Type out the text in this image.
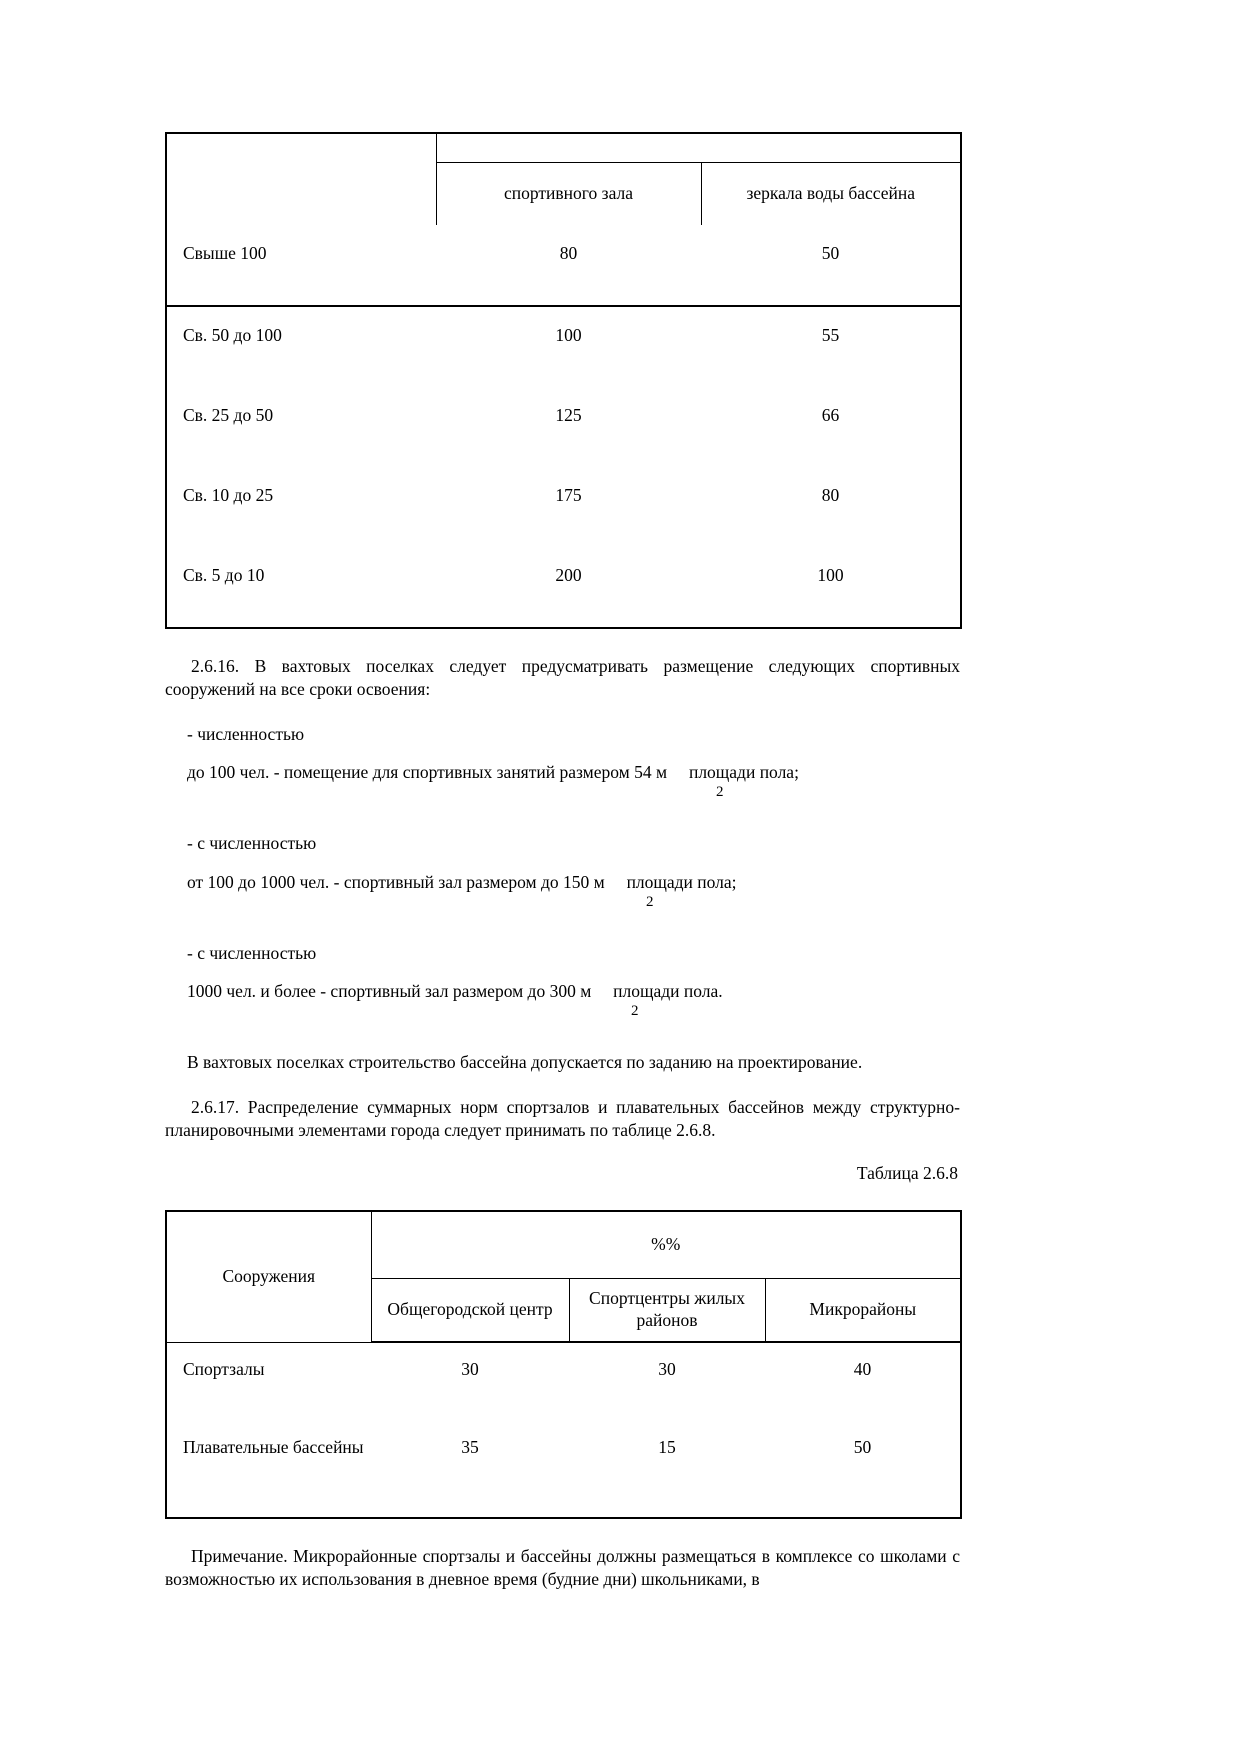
	спортивного зала	зеркала воды бассейна
Свыше 100	80	50
Св. 50 до 100	100	55
Св. 25 до 50	125	66
Св. 10 до 25	175	80
Св. 5 до 10	200	100

2.6.16. В вахтовых поселках следует предусматривать размещение следующих спортивных сооружений на все сроки освоения:

- численностью

до 100 чел. - помещение для спортивных занятий размером 54 м площади пола;
2

- с численностью

от 100 до 1000 чел. - спортивный зал размером до 150 м площади пола;
2

- с численностью

1000 чел. и более - спортивный зал размером до 300 м площади пола.
2

В вахтовых поселках строительство бассейна допускается по заданию на проектирование.

2.6.17. Распределение суммарных норм спортзалов и плавательных бассейнов между структурно-планировочными элементами города следует принимать по таблице 2.6.8.

Таблица 2.6.8

Сооружения	%%		
	Общегородской центр	Спортцентры жилых районов	Микрорайоны
Спортзалы	30	30	40
Плавательные бассейны	35	15	50

Примечание. Микрорайонные спортзалы и бассейны должны размещаться в комплексе со школами с возможностью их использования в дневное время (будние дни) школьниками, в
